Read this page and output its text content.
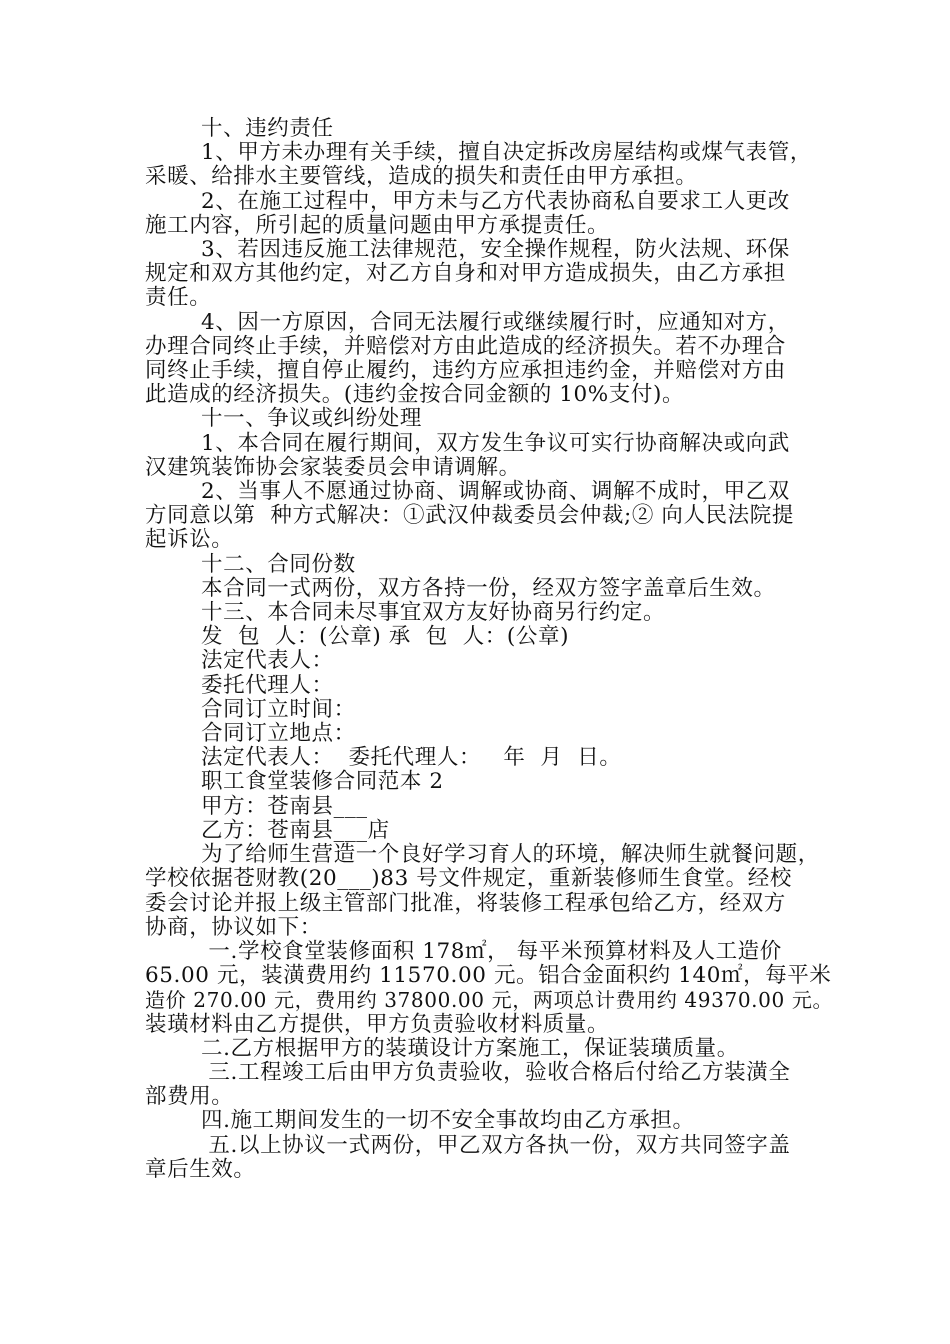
十、违约责任
1、甲方未办理有关手续，擅自决定拆改房屋结构或煤气表管，
采暖、给排水主要管线，造成的损失和责任由甲方承担。
2、在施工过程中，甲方未与乙方代表协商私自要求工人更改
施工内容，所引起的质量问题由甲方承提责任。
3、若因违反施工法律规范，安全操作规程，防火法规、环保
规定和双方其他约定，对乙方自身和对甲方造成损失，由乙方承担
责任。
4、因一方原因，合同无法履行或继续履行时，应通知对方，
办理合同终止手续，并赔偿对方由此造成的经济损失。若不办理合
同终止手续，擅自停止履约，违约方应承担违约金，并赔偿对方由
此造成的经济损失。(违约金按合同金额的 10%支付)。
十一、争议或纠纷处理
1、本合同在履行期间，双方发生争议可实行协商解决或向武
汉建筑装饰协会家装委员会申请调解。
2、当事人不愿通过协商、调解或协商、调解不成时，甲乙双
方同意以第  种方式解决：①武汉仲裁委员会仲裁;② 向人民法院提
起诉讼。
十二、合同份数
本合同一式两份，双方各持一份，经双方签字盖章后生效。
十三、本合同未尽事宜双方友好协商另行约定。
发  包  人：(公章) 承  包  人：(公章)
法定代表人：
委托代理人：
合同订立时间：
合同订立地点：
法定代表人：  委托代理人：   年  月  日。
职工食堂装修合同范本 2
甲方：苍南县___
乙方：苍南县___店
为了给师生营造一个良好学习育人的环境，解决师生就餐问题，
学校依据苍财教(20___)83 号文件规定，重新装修师生食堂。经校
委会讨论并报上级主管部门批准，将装修工程承包给乙方，经双方
协商，协议如下：
一.学校食堂装修面积 178㎡， 每平米预算材料及人工造价
65.00 元，装潢费用约 11570.00 元。铝合金面积约 140㎡，每平米
造价 270.00 元，费用约 37800.00 元，两项总计费用约 49370.00 元。
装璜材料由乙方提供，甲方负责验收材料质量。
二.乙方根据甲方的装璜设计方案施工，保证装璜质量。
三.工程竣工后由甲方负责验收，验收合格后付给乙方装潢全
部费用。
四.施工期间发生的一切不安全事故均由乙方承担。
五.以上协议一式两份，甲乙双方各执一份，双方共同签字盖
章后生效。
